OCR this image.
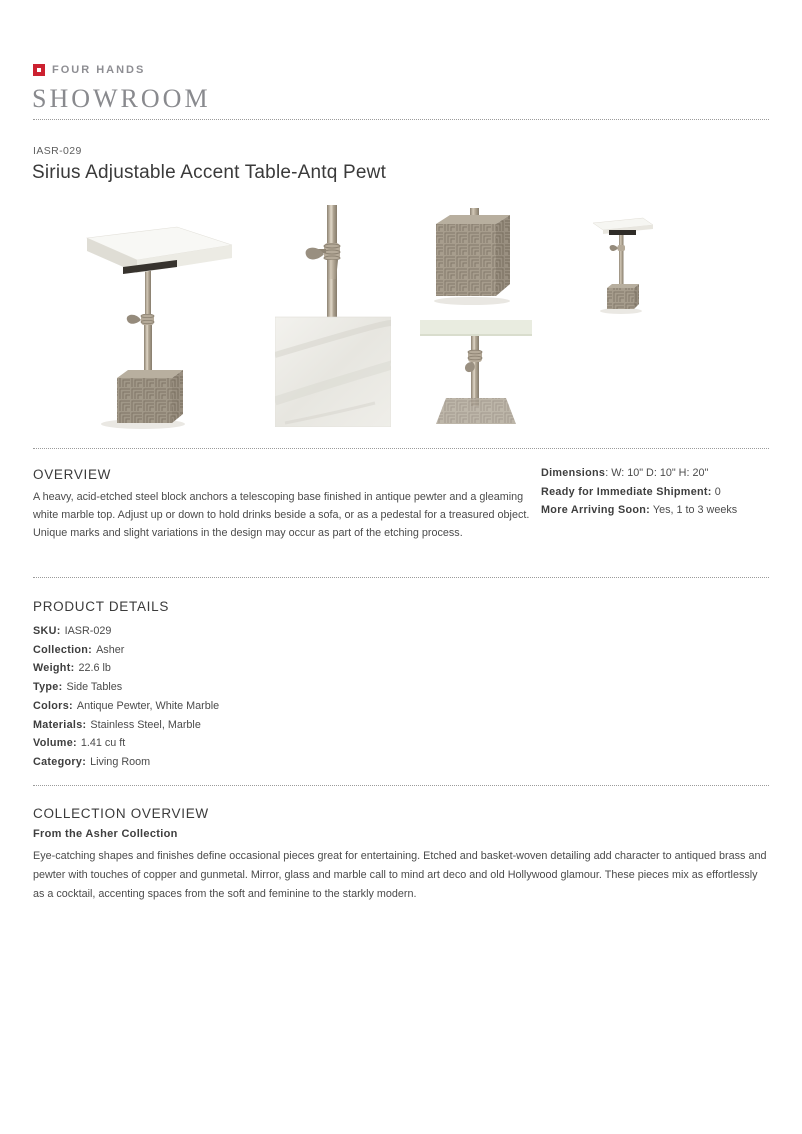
FOUR HANDS
SHOWROOM
IASR-029
Sirius Adjustable Accent Table-Antq Pewt
OVERVIEW

A heavy, acid-etched steel block anchors a telescoping base finished in antique pewter and a gleaming white marble top. Adjust up or down to hold drinks beside a sofa, or as a pedestal for a treasured object. Unique marks and slight variations in the design may occur as part of the etching process.

Dimensions: W: 10" D: 10" H: 20"
Ready for Immediate Shipment: 0
More Arriving Soon: Yes, 1 to 3 weeks
PRODUCT DETAILS
SKU: IASR-029
Collection: Asher
Weight: 22.6 lb
Type: Side Tables
Colors: Antique Pewter, White Marble
Materials: Stainless Steel, Marble
Volume: 1.41 cu ft
Category: Living Room
COLLECTION OVERVIEW
From the Asher Collection

Eye-catching shapes and finishes define occasional pieces great for entertaining. Etched and basket-woven detailing add character to antiqued brass and pewter with touches of copper and gunmetal. Mirror, glass and marble call to mind art deco and old Hollywood glamour. These pieces mix as effortlessly as a cocktail, accenting spaces from the soft and feminine to the starkly modern.
